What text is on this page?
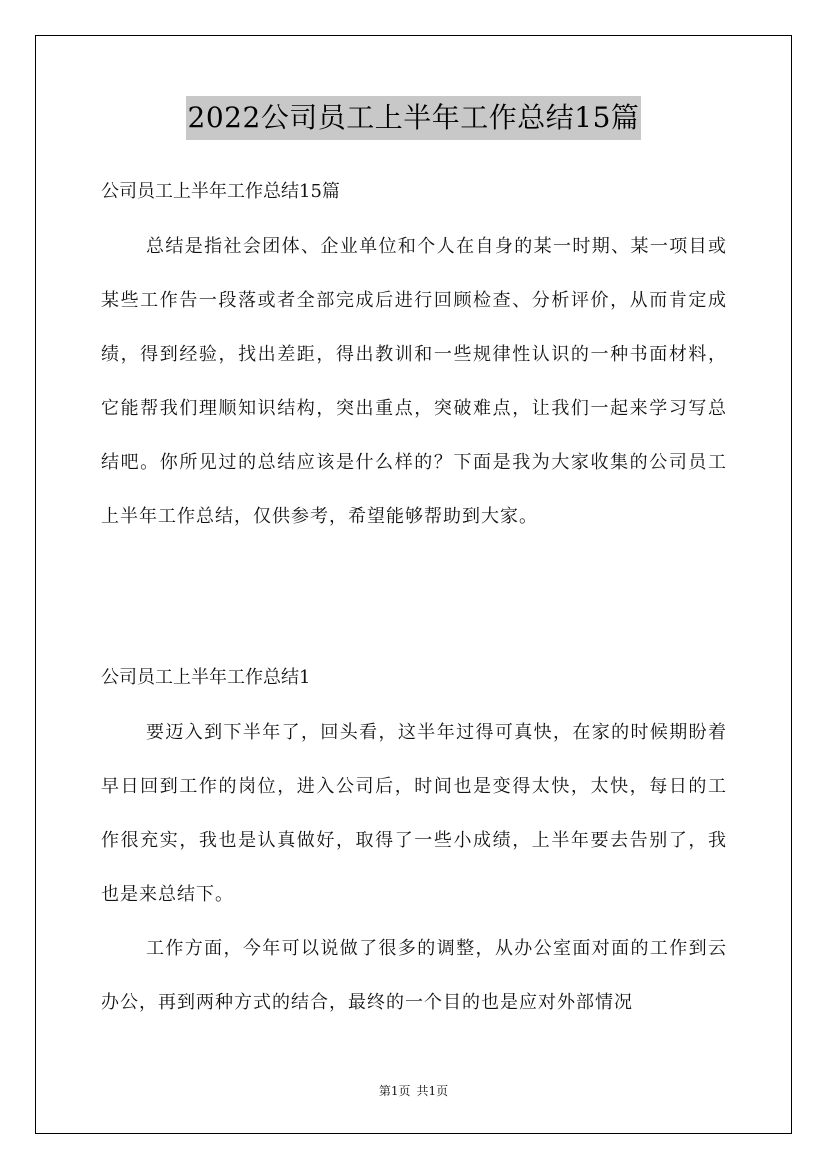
2022公司员工上半年工作总结15篇
公司员工上半年工作总结15篇
总结是指社会团体、企业单位和个人在自身的某一时期、某一项目或某些工作告一段落或者全部完成后进行回顾检查、分析评价，从而肯定成绩，得到经验，找出差距，得出教训和一些规律性认识的一种书面材料，它能帮我们理顺知识结构，突出重点，突破难点，让我们一起来学习写总结吧。你所见过的总结应该是什么样的？下面是我为大家收集的公司员工上半年工作总结，仅供参考，希望能够帮助到大家。
公司员工上半年工作总结1
要迈入到下半年了，回头看，这半年过得可真快，在家的时候期盼着早日回到工作的岗位，进入公司后，时间也是变得太快，太快，每日的工作很充实，我也是认真做好，取得了一些小成绩，上半年要去告别了，我也是来总结下。
工作方面，今年可以说做了很多的调整，从办公室面对面的工作到云办公，再到两种方式的结合，最终的一个目的也是应对外部情况
第1页 共1页
